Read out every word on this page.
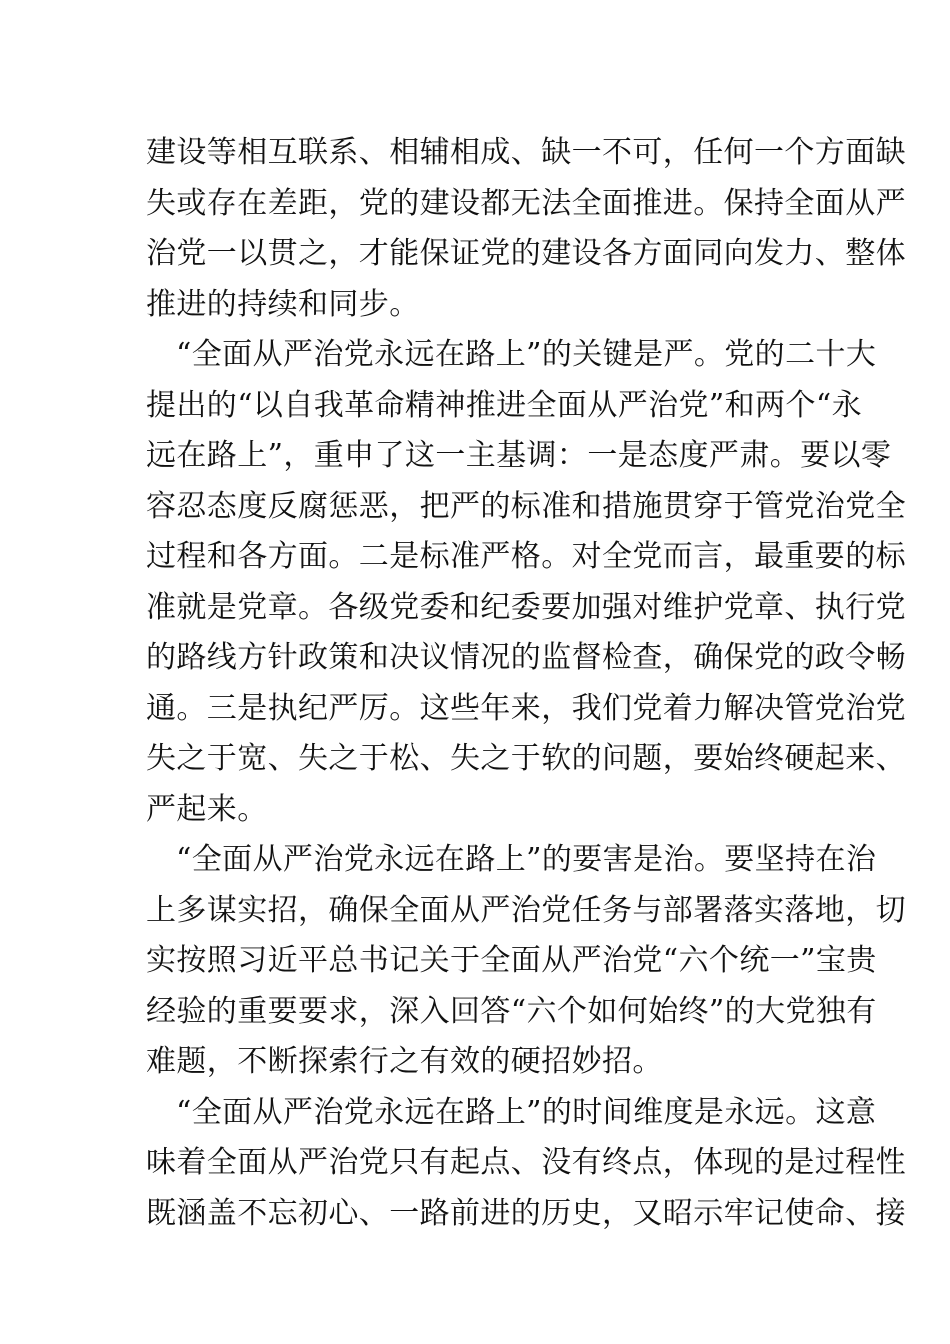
建设等相互联系、相辅相成、缺一不可，任何一个方面缺
失或存在差距，党的建设都无法全面推进。保持全面从严
治党一以贯之，才能保证党的建设各方面同向发力、整体
推进的持续和同步。
“全面从严治党永远在路上”的关键是严。党的二十大
提出的“以自我革命精神推进全面从严治党”和两个“永
远在路上”，重申了这一主基调：一是态度严肃。要以零
容忍态度反腐惩恶，把严的标准和措施贯穿于管党治党全
过程和各方面。二是标准严格。对全党而言，最重要的标
准就是党章。各级党委和纪委要加强对维护党章、执行党
的路线方针政策和决议情况的监督检查，确保党的政令畅
通。三是执纪严厉。这些年来，我们党着力解决管党治党
失之于宽、失之于松、失之于软的问题，要始终硬起来、
严起来。
“全面从严治党永远在路上”的要害是治。要坚持在治
上多谋实招，确保全面从严治党任务与部署落实落地，切
实按照习近平总书记关于全面从严治党“六个统一”宝贵
经验的重要要求，深入回答“六个如何始终”的大党独有
难题，不断探索行之有效的硬招妙招。
“全面从严治党永远在路上”的时间维度是永远。这意
味着全面从严治党只有起点、没有终点，体现的是过程性
既涵盖不忘初心、一路前进的历史，又昭示牢记使命、接
